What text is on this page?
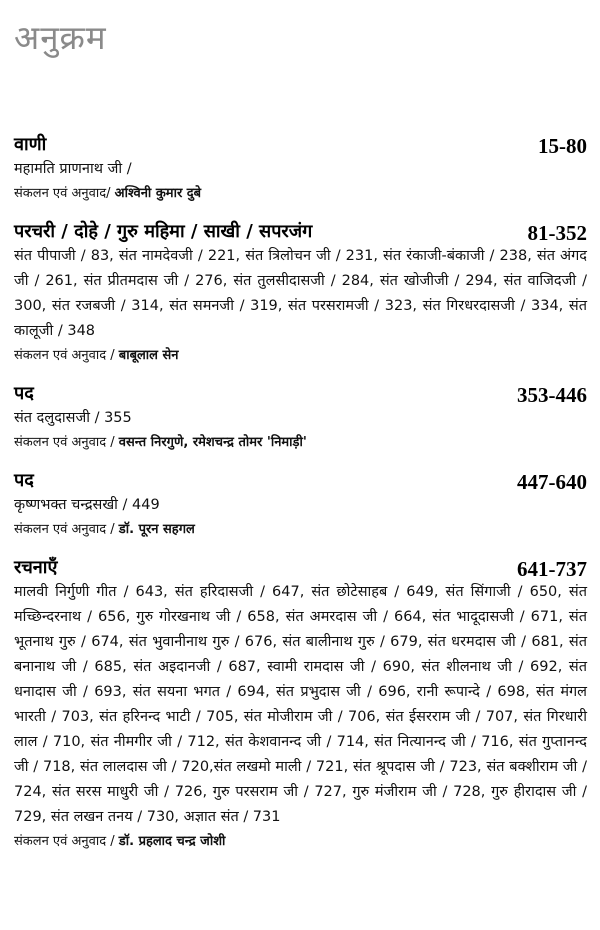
अनुक्रम
वाणी	15-80
महामति प्राणनाथ जी /
संकलन एवं अनुवाद/ अश्विनी कुमार दुबे
परचरी / दोहे / गुरु महिमा / साखी / सपरजंग	81-352
संत पीपाजी / 83, संत नामदेवजी / 221, संत त्रिलोचन जी / 231, संत रंकाजी-बंकाजी / 238, संत अंगद जी / 261, संत प्रीतमदास जी / 276, संत तुलसीदासजी / 284, संत खोजीजी / 294, संत वाजिदजी / 300, संत रजबजी / 314, संत समनजी / 319, संत परसरामजी / 323, संत गिरधरदासजी / 334, संत कालूजी / 348
संकलन एवं अनुवाद / बाबूलाल सेन
पद	353-446
संत दलुदासजी / 355
संकलन एवं अनुवाद / वसन्त निरगुणे, रमेशचन्द्र तोमर 'निमाड़ी'
पद	447-640
कृष्णभक्त चन्द्रसखी / 449
संकलन एवं अनुवाद / डॉ. पूरन सहगल
रचनाएँ	641-737
मालवी निर्गुणी गीत / 643, संत हरिदासजी / 647, संत छोटेसाहब / 649, संत सिंगाजी / 650, संत मच्छिन्दरनाथ / 656, गुरु गोरखनाथ जी / 658, संत अमरदास जी / 664, संत भादूदासजी / 671, संत भूतनाथ गुरु / 674, संत भुवानीनाथ गुरु / 676, संत बालीनाथ गुरु / 679, संत धरमदास जी / 681, संत बनानाथ जी / 685, संत अइदानजी / 687, स्वामी रामदास जी / 690, संत शीलनाथ जी / 692, संत धनादास जी / 693, संत सयना भगत / 694, संत प्रभुदास जी / 696, रानी रूपान्दे / 698, संत मंगल भारती / 703, संत हरिनन्द भाटी / 705, संत मोजीराम जी / 706, संत ईसरराम जी / 707, संत गिरधारी लाल / 710, संत नीमगीर जी / 712, संत केशवानन्द जी / 714, संत नित्यानन्द जी / 716, संत गुप्तानन्द जी / 718, संत लालदास जी / 720,संत लखमो माली / 721, संत श्रूपदास जी / 723, संत बक्शीराम जी / 724, संत सरस माधुरी जी / 726, गुरु परसराम जी / 727, गुरु मंजीराम जी / 728, गुरु हीरादास जी / 729, संत लखन तनय / 730, अज्ञात संत / 731
संकलन एवं अनुवाद / डॉ. प्रहलाद चन्द्र जोशी
